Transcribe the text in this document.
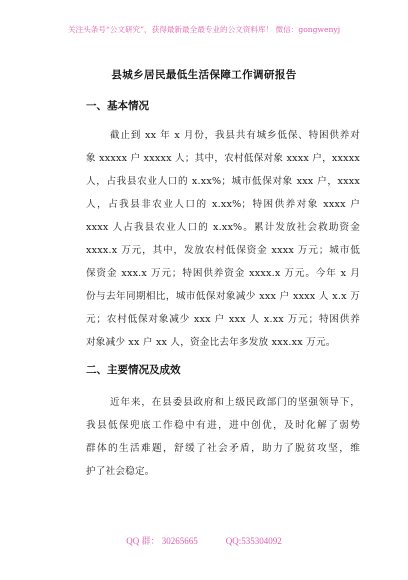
关注头条号“公文研究”，获得最新最全最专业的公文资料库！ 微信：gongwenyj
县城乡居民最低生活保障工作调研报告
一、基本情况
截止到 xx 年 x 月份，我县共有城乡低保、特困供养对
象 xxxxx 户 xxxxx 人；其中，农村低保对象 xxxx 户，xxxxx
人，占我县农业人口的 x.xx%；城市低保对象 xxx 户，xxxx
人，占我县非农业人口的 x.xx%；特困供养对象 xxxx 户
xxxx 人占我县农业人口的 x.xx%。累计发放社会救助资金
xxxx.x 万元，其中，发放农村低保资金 xxxx 万元；城市低
保资金 xxx.x 万元；特困供养资金 xxxx.x 万元。今年 x 月
份与去年同期相比，城市低保对象减少 xxx 户 xxxx 人 x.x 万
元；农村低保对象减少 xxx 户 xxx 人 x.xx 万元；特困供养
对象减少 xx 户 xx 人，资金比去年多发放 xxx.xx 万元。
二、主要情况及成效
近年来，在县委县政府和上级民政部门的坚强领导下，
我县低保兜底工作稳中有进，进中创优，及时化解了弱势
群体的生活难题，舒缓了社会矛盾，助力了脱贫攻坚，维
护了社会稳定。
QQ 群： 30265665	QQ:535304092
